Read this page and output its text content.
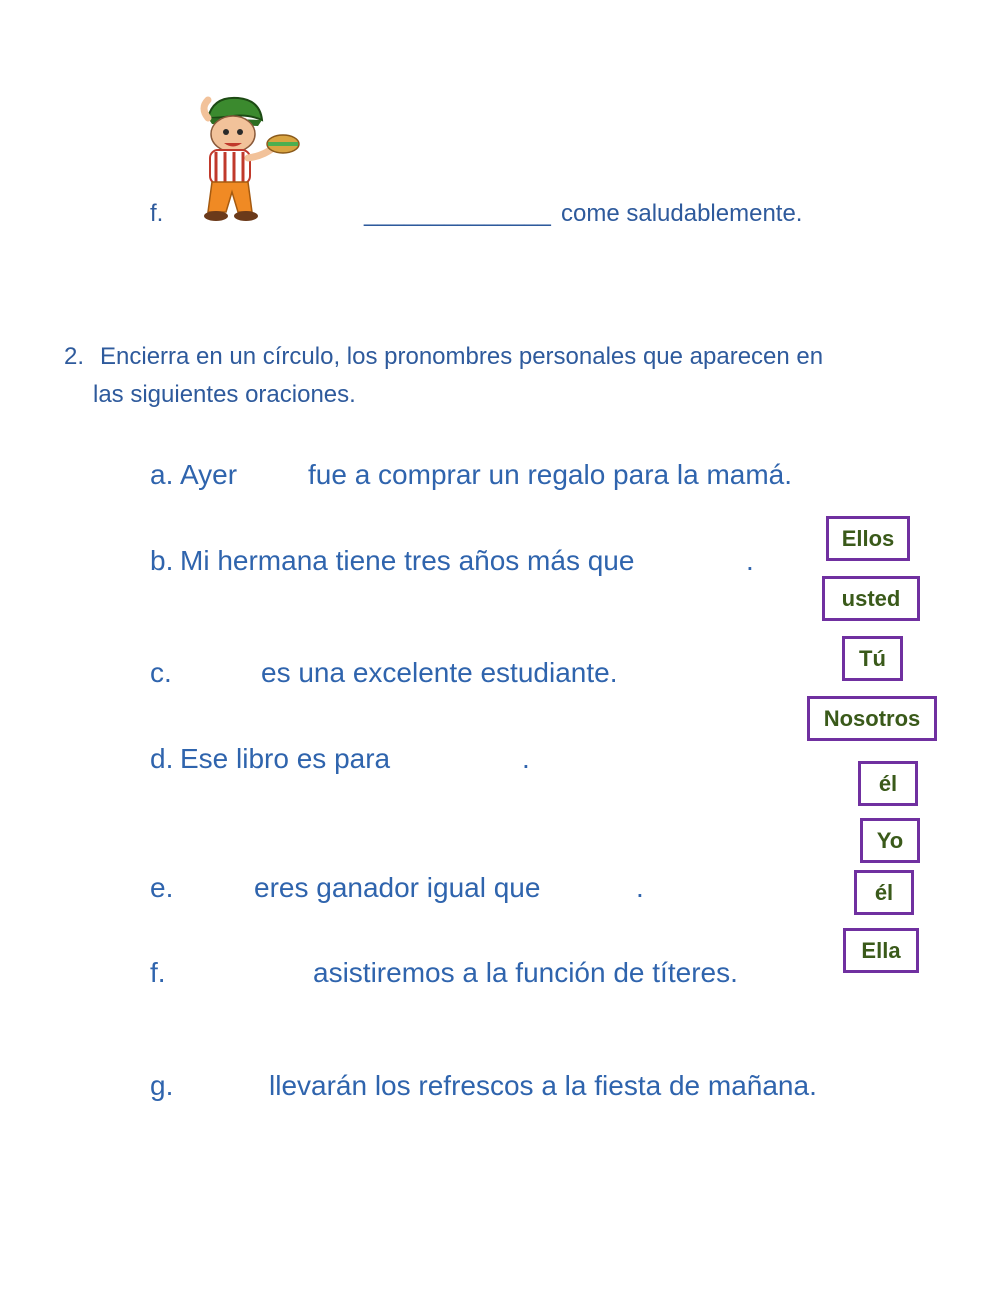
f.	______________ come saludablemente.
2. Encierra en un círculo, los pronombres personales que aparecen en
las siguientes oraciones.
a. Ayer	fue a comprar un regalo para la mamá.
b. Mi hermana tiene tres años más que	.
c.	es una excelente estudiante.
d. Ese libro es para	.
e.	eres ganador igual que	.
f.	asistiremos a la función de títeres.
g.	llevarán los refrescos a la fiesta de mañana.
Ellos
usted
Tú
Nosotros
él
Yo
él
Ella
